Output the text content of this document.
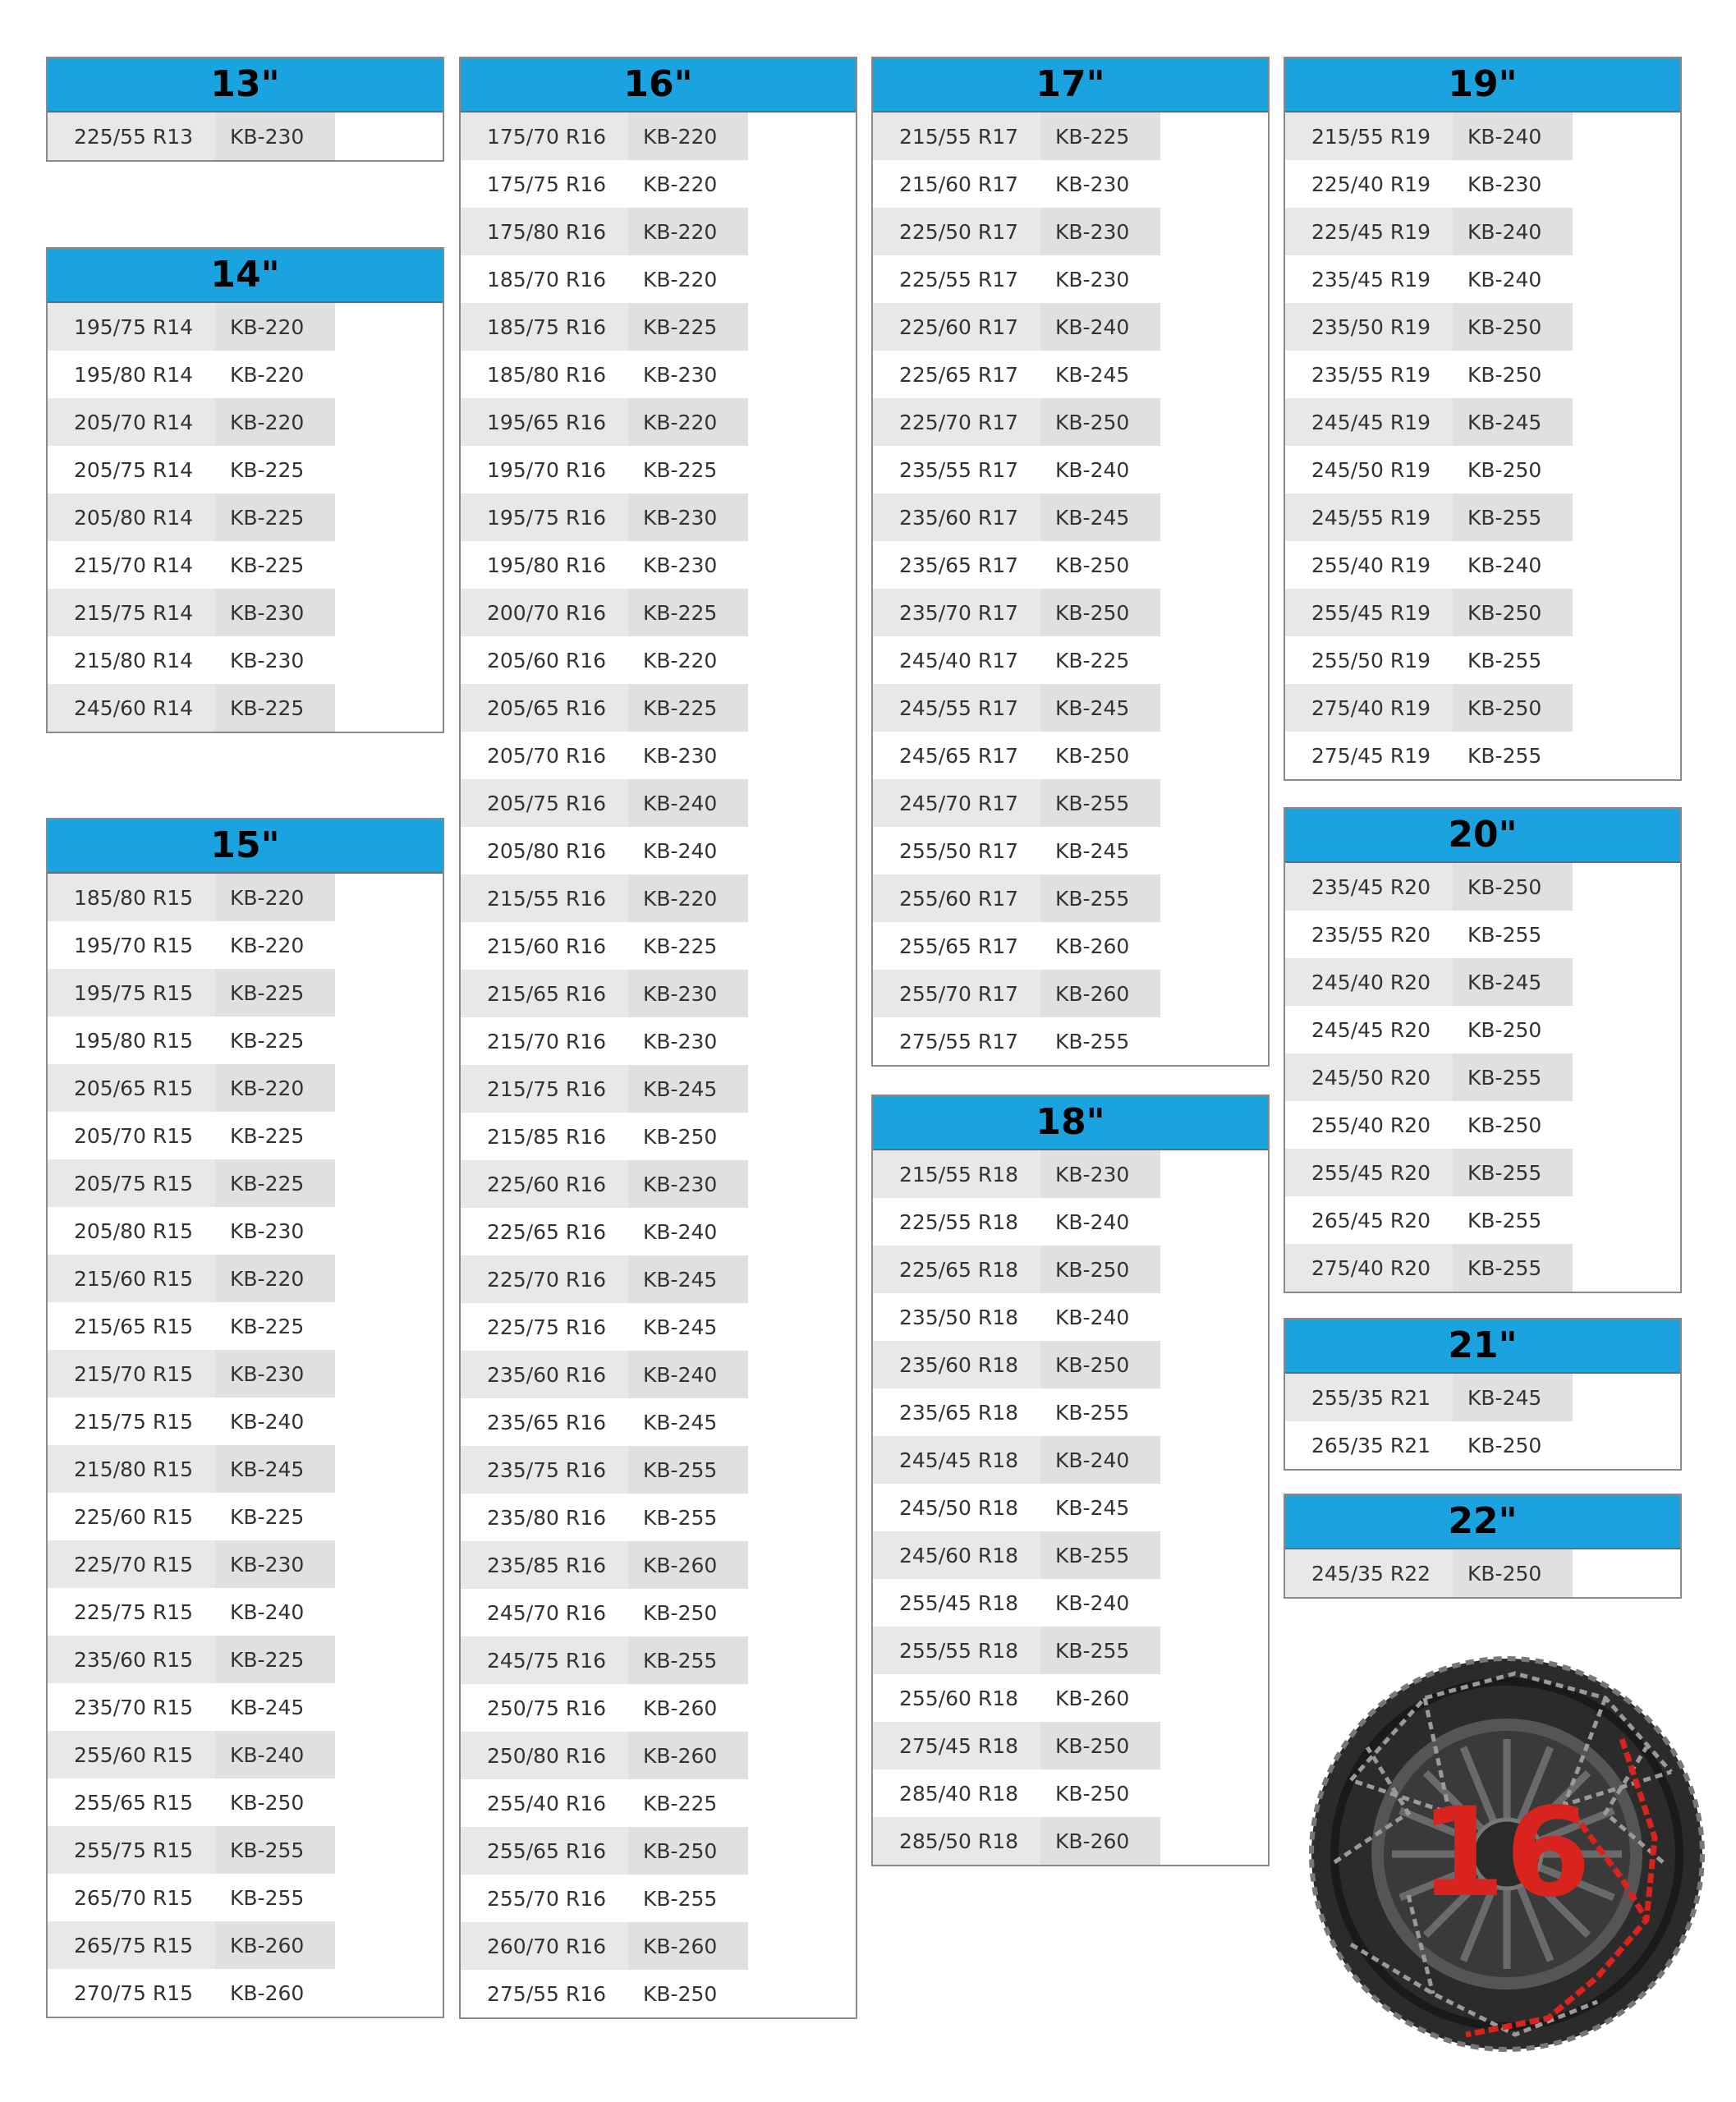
13"
225/55 R13	KB-230
14"
195/75 R14	KB-220
195/80 R14	KB-220
205/70 R14	KB-220
205/75 R14	KB-225
205/80 R14	KB-225
215/70 R14	KB-225
215/75 R14	KB-230
215/80 R14	KB-230
245/60 R14	KB-225
15"
185/80 R15	KB-220
195/70 R15	KB-220
195/75 R15	KB-225
195/80 R15	KB-225
205/65 R15	KB-220
205/70 R15	KB-225
205/75 R15	KB-225
205/80 R15	KB-230
215/60 R15	KB-220
215/65 R15	KB-225
215/70 R15	KB-230
215/75 R15	KB-240
215/80 R15	KB-245
225/60 R15	KB-225
225/70 R15	KB-230
225/75 R15	KB-240
235/60 R15	KB-225
235/70 R15	KB-245
255/60 R15	KB-240
255/65 R15	KB-250
255/75 R15	KB-255
265/70 R15	KB-255
265/75 R15	KB-260
270/75 R15	KB-260
16"
175/70 R16	KB-220
175/75 R16	KB-220
175/80 R16	KB-220
185/70 R16	KB-220
185/75 R16	KB-225
185/80 R16	KB-230
195/65 R16	KB-220
195/70 R16	KB-225
195/75 R16	KB-230
195/80 R16	KB-230
200/70 R16	KB-225
205/60 R16	KB-220
205/65 R16	KB-225
205/70 R16	KB-230
205/75 R16	KB-240
205/80 R16	KB-240
215/55 R16	KB-220
215/60 R16	KB-225
215/65 R16	KB-230
215/70 R16	KB-230
215/75 R16	KB-245
215/85 R16	KB-250
225/60 R16	KB-230
225/65 R16	KB-240
225/70 R16	KB-245
225/75 R16	KB-245
235/60 R16	KB-240
235/65 R16	KB-245
235/75 R16	KB-255
235/80 R16	KB-255
235/85 R16	KB-260
245/70 R16	KB-250
245/75 R16	KB-255
250/75 R16	KB-260
250/80 R16	KB-260
255/40 R16	KB-225
255/65 R16	KB-250
255/70 R16	KB-255
260/70 R16	KB-260
275/55 R16	KB-250
17"
215/55 R17	KB-225
215/60 R17	KB-230
225/50 R17	KB-230
225/55 R17	KB-230
225/60 R17	KB-240
225/65 R17	KB-245
225/70 R17	KB-250
235/55 R17	KB-240
235/60 R17	KB-245
235/65 R17	KB-250
235/70 R17	KB-250
245/40 R17	KB-225
245/55 R17	KB-245
245/65 R17	KB-250
245/70 R17	KB-255
255/50 R17	KB-245
255/60 R17	KB-255
255/65 R17	KB-260
255/70 R17	KB-260
275/55 R17	KB-255
18"
215/55 R18	KB-230
225/55 R18	KB-240
225/65 R18	KB-250
235/50 R18	KB-240
235/60 R18	KB-250
235/65 R18	KB-255
245/45 R18	KB-240
245/50 R18	KB-245
245/60 R18	KB-255
255/45 R18	KB-240
255/55 R18	KB-255
255/60 R18	KB-260
275/45 R18	KB-250
285/40 R18	KB-250
285/50 R18	KB-260
19"
215/55 R19	KB-240
225/40 R19	KB-230
225/45 R19	KB-240
235/45 R19	KB-240
235/50 R19	KB-250
235/55 R19	KB-250
245/45 R19	KB-245
245/50 R19	KB-250
245/55 R19	KB-255
255/40 R19	KB-240
255/45 R19	KB-250
255/50 R19	KB-255
275/40 R19	KB-250
275/45 R19	KB-255
20"
235/45 R20	KB-250
235/55 R20	KB-255
245/40 R20	KB-245
245/45 R20	KB-250
245/50 R20	KB-255
255/40 R20	KB-250
255/45 R20	KB-255
265/45 R20	KB-255
275/40 R20	KB-255
21"
255/35 R21	KB-245
265/35 R21	KB-250
22"
245/35 R22	KB-250
16
